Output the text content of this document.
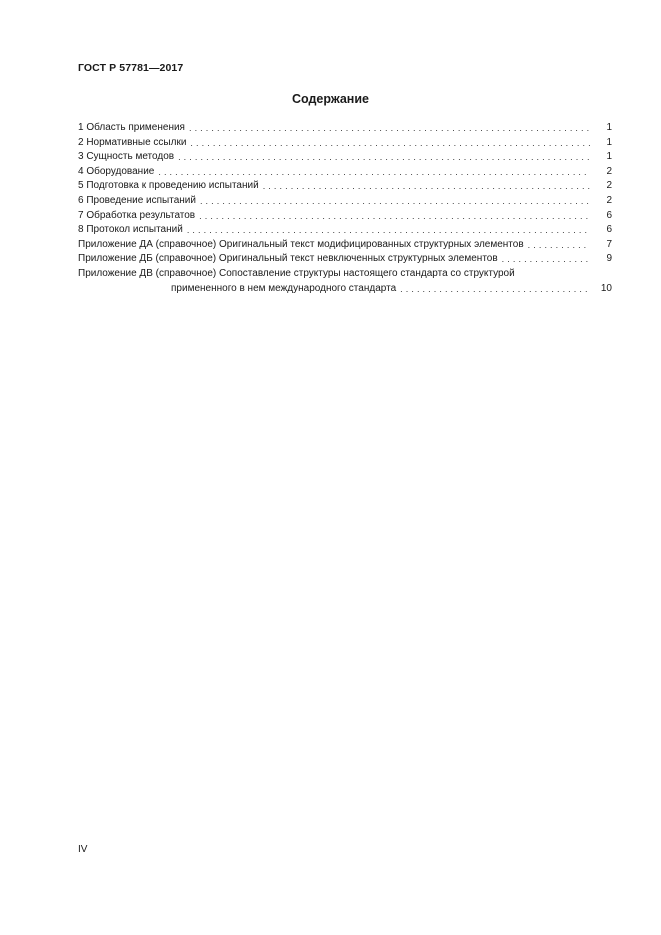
ГОСТ Р 57781—2017
Содержание
1 Область применения . . .	1
2 Нормативные ссылки . . .	1
3 Сущность методов . . .	1
4 Оборудование . . .	2
5 Подготовка к проведению испытаний . . .	2
6 Проведение испытаний . . .	2
7 Обработка результатов . . .	6
8 Протокол испытаний . . .	6
Приложение ДА (справочное) Оригинальный текст модифицированных структурных элементов . . .	7
Приложение ДБ (справочное) Оригинальный текст невключенных структурных элементов . . .	9
Приложение ДВ (справочное) Сопоставление структуры настоящего стандарта со структурой
примененного в нем международного стандарта . . .	10
IV
